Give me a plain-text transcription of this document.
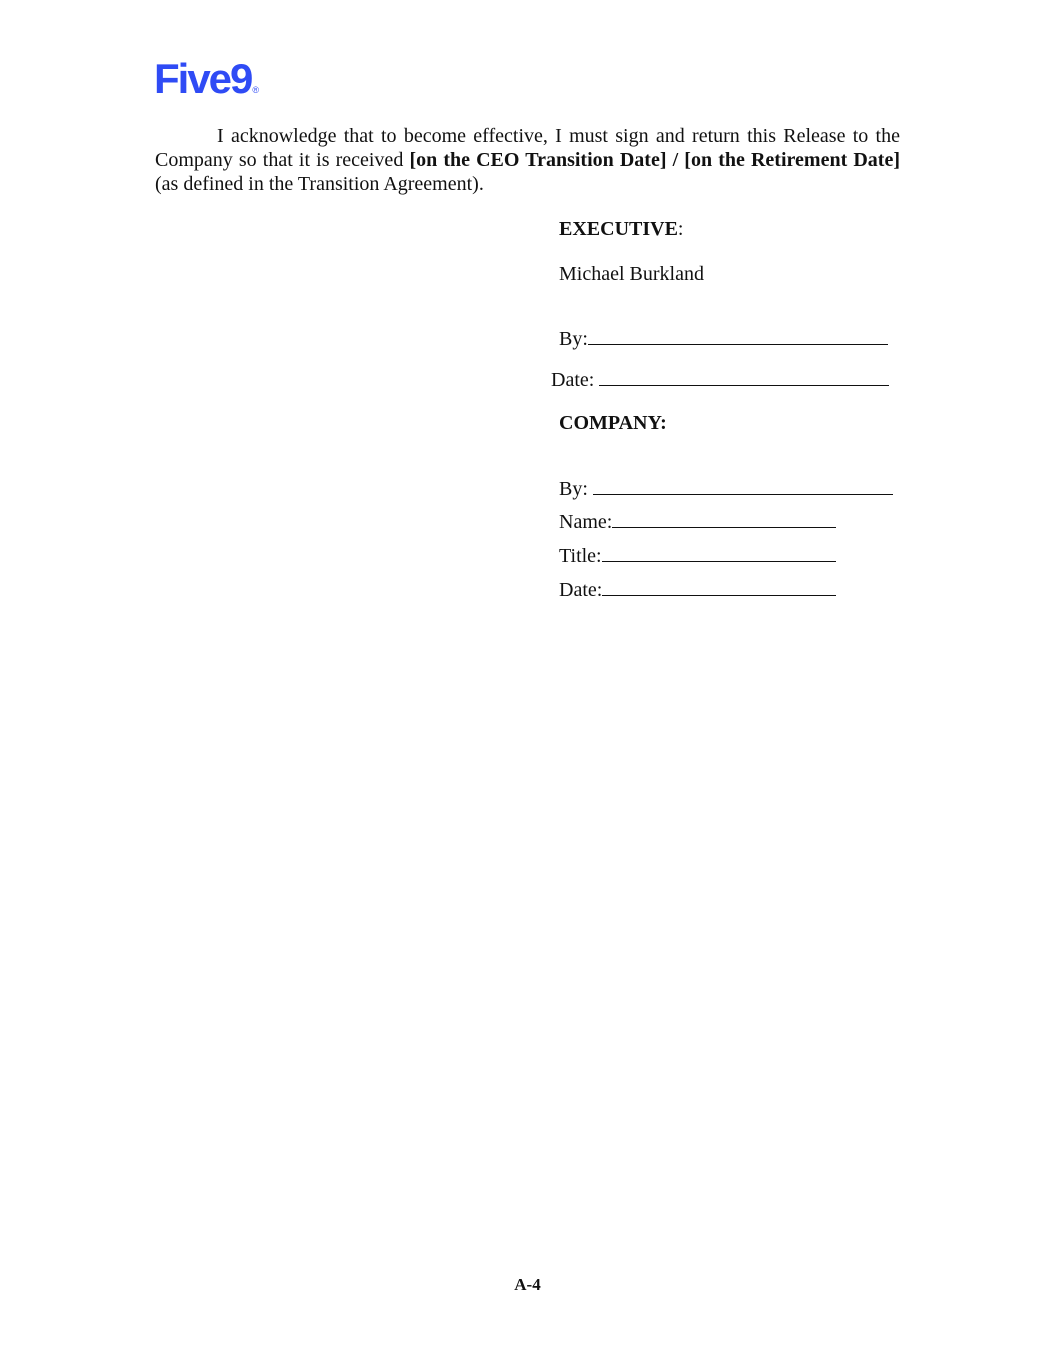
Five9®

I acknowledge that to become effective, I must sign and return this Release to the Company so that it is received [on the CEO Transition Date] / [on the Retirement Date] (as defined in the Transition Agreement).

EXECUTIVE:
Michael Burkland
By:
Date:
COMPANY:
By:
Name:
Title:
Date:
A-4
